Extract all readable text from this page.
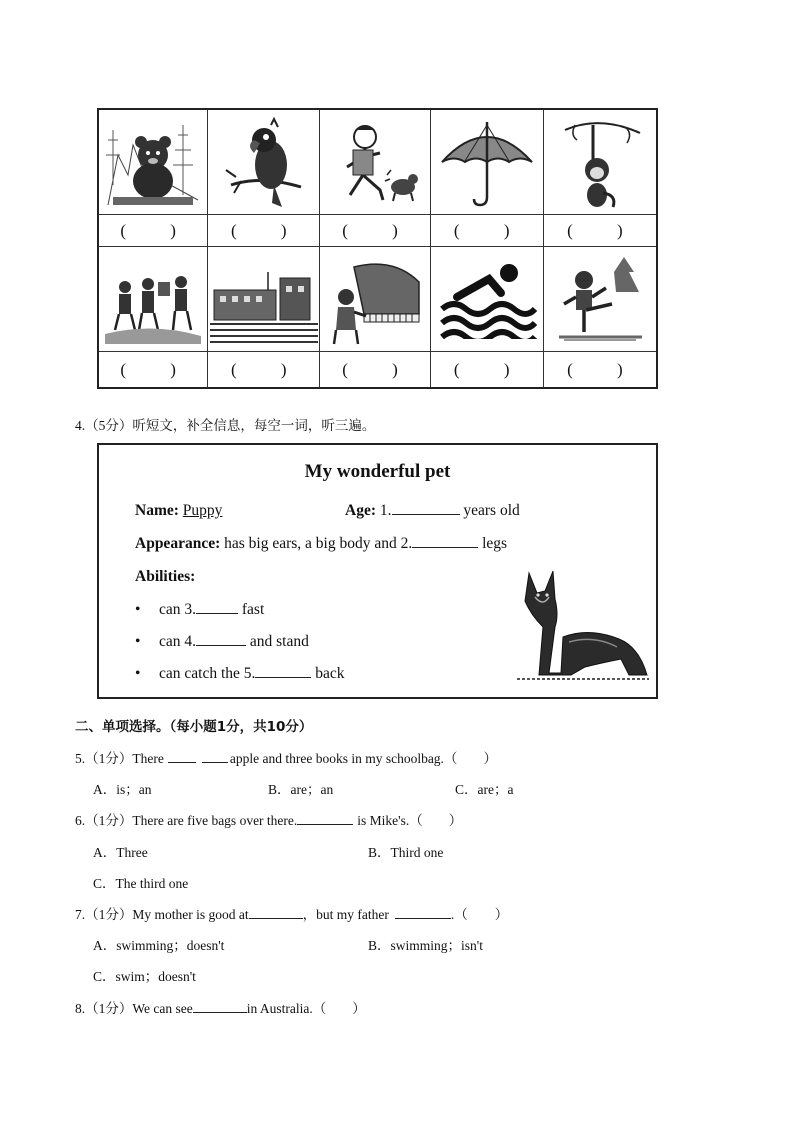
( ) ( ) ( ) ( ) ( )
( ) ( ) ( ) ( ) ( )
4.（5分）听短文，补全信息，每空一词，听三遍。
My wonderful pet
Name: Puppy	Age: 1.	years old
Appearance: has big ears, a big body and 2.	legs
Abilities:
• can 3.	fast
• can 4.	and stand
• can catch the 5.	back
二、单项选择。（每小题1分，共10分）
5.（1分）There	apple and three books in my schoolbag.（ ）
A．is；an	B．are；an	C．are；a
6.（1分）There are five bags over there.	is Mike's.（ ）
A．Three	B．Third one
C．The third one
7.（1分）My mother is good at	，but my father	.（　　）
A．swimming；doesn't	B．swimming；isn't
C．swim；doesn't
8.（1分）We can see	in Australia.（ ）
